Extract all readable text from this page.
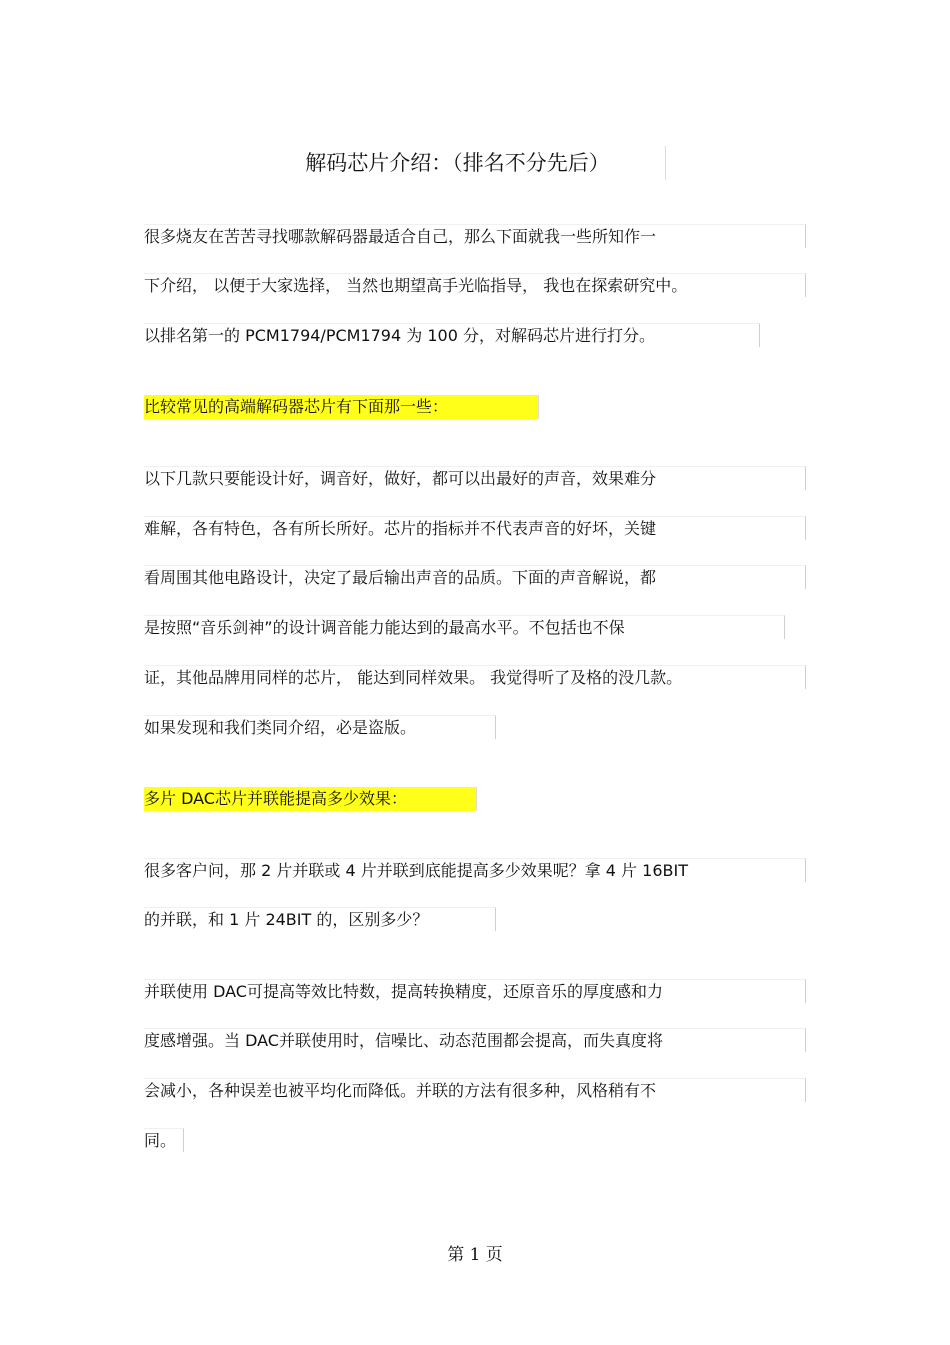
解码芯片介绍：（排名不分先后）
很多烧友在苦苦寻找哪款解码器最适合自己，那么下面就我一些所知作一
下介绍， 以便于大家选择， 当然也期望高手光临指导， 我也在探索研究中。
以排名第一的 PCM1794/PCM1794 为 100 分，对解码芯片进行打分。
比较常见的高端解码器芯片有下面那一些：
以下几款只要能设计好，调音好，做好，都可以出最好的声音，效果难分
难解，各有特色，各有所长所好。芯片的指标并不代表声音的好坏，关键
看周围其他电路设计，决定了最后输出声音的品质。下面的声音解说，都
是按照“音乐剑神”的设计调音能力能达到的最高水平。不包括也不保
证，其他品牌用同样的芯片， 能达到同样效果。 我觉得听了及格的没几款。
如果发现和我们类同介绍，必是盗版。
多片 DAC芯片并联能提高多少效果：
很多客户问，那 2 片并联或 4 片并联到底能提高多少效果呢？拿 4 片 16BIT
的并联，和 1 片 24BIT 的，区别多少？
并联使用 DAC可提高等效比特数，提高转换精度，还原音乐的厚度感和力
度感增强。当 DAC并联使用时，信噪比、动态范围都会提高，而失真度将
会减小，各种误差也被平均化而降低。并联的方法有很多种，风格稍有不
同。
第 1 页
